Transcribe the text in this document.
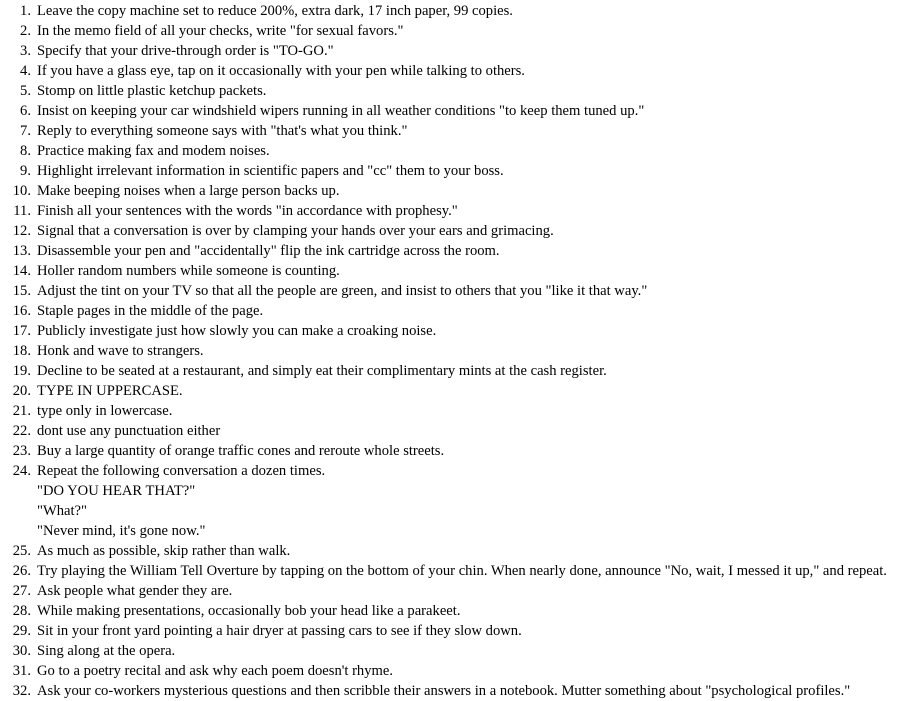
1. Leave the copy machine set to reduce 200%, extra dark, 17 inch paper, 99 copies.
2. In the memo field of all your checks, write "for sexual favors."
3. Specify that your drive-through order is "TO-GO."
4. If you have a glass eye, tap on it occasionally with your pen while talking to others.
5. Stomp on little plastic ketchup packets.
6. Insist on keeping your car windshield wipers running in all weather conditions "to keep them tuned up."
7. Reply to everything someone says with "that's what you think."
8. Practice making fax and modem noises.
9. Highlight irrelevant information in scientific papers and "cc" them to your boss.
10. Make beeping noises when a large person backs up.
11. Finish all your sentences with the words "in accordance with prophesy."
12. Signal that a conversation is over by clamping your hands over your ears and grimacing.
13. Disassemble your pen and "accidentally" flip the ink cartridge across the room.
14. Holler random numbers while someone is counting.
15. Adjust the tint on your TV so that all the people are green, and insist to others that you "like it that way."
16. Staple pages in the middle of the page.
17. Publicly investigate just how slowly you can make a croaking noise.
18. Honk and wave to strangers.
19. Decline to be seated at a restaurant, and simply eat their complimentary mints at the cash register.
20. TYPE IN UPPERCASE.
21. type only in lowercase.
22. dont use any punctuation either
23. Buy a large quantity of orange traffic cones and reroute whole streets.
24. Repeat the following conversation a dozen times.
"DO YOU HEAR THAT?"
"What?"
"Never mind, it's gone now."
25. As much as possible, skip rather than walk.
26. Try playing the William Tell Overture by tapping on the bottom of your chin. When nearly done, announce "No, wait, I messed it up," and repeat.
27. Ask people what gender they are.
28. While making presentations, occasionally bob your head like a parakeet.
29. Sit in your front yard pointing a hair dryer at passing cars to see if they slow down.
30. Sing along at the opera.
31. Go to a poetry recital and ask why each poem doesn't rhyme.
32. Ask your co-workers mysterious questions and then scribble their answers in a notebook. Mutter something about "psychological profiles."
